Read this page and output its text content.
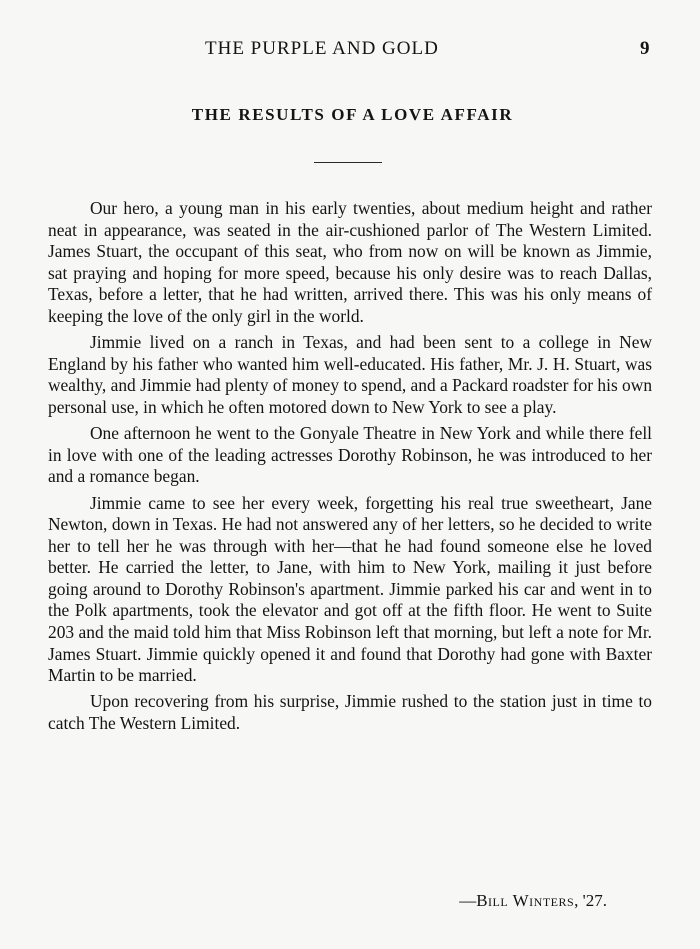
THE PURPLE AND GOLD	9
THE RESULTS OF A LOVE AFFAIR

Our hero, a young man in his early twenties, about medium height and rather neat in appearance, was seated in the air-cushioned parlor of The Western Limited. James Stuart, the occupant of this seat, who from now on will be known as Jimmie, sat praying and hoping for more speed, because his only desire was to reach Dallas, Texas, before a letter, that he had written, arrived there. This was his only means of keeping the love of the only girl in the world.

Jimmie lived on a ranch in Texas, and had been sent to a college in New England by his father who wanted him well-educated. His father, Mr. J. H. Stuart, was wealthy, and Jimmie had plenty of money to spend, and a Packard roadster for his own personal use, in which he often motored down to New York to see a play.

One afternoon he went to the Gonyale Theatre in New York and while there fell in love with one of the leading actresses Dorothy Robinson, he was introduced to her and a romance began.

Jimmie came to see her every week, forgetting his real true sweetheart, Jane Newton, down in Texas. He had not answered any of her letters, so he decided to write her to tell her he was through with her—that he had found someone else he loved better. He carried the letter, to Jane, with him to New York, mailing it just before going around to Dorothy Robinson's apartment. Jimmie parked his car and went in to the Polk apartments, took the elevator and got off at the fifth floor. He went to Suite 203 and the maid told him that Miss Robinson left that morning, but left a note for Mr. James Stuart. Jimmie quickly opened it and found that Dorothy had gone with Baxter Martin to be married.

Upon recovering from his surprise, Jimmie rushed to the station just in time to catch The Western Limited.

—Bill Winters, '27.
